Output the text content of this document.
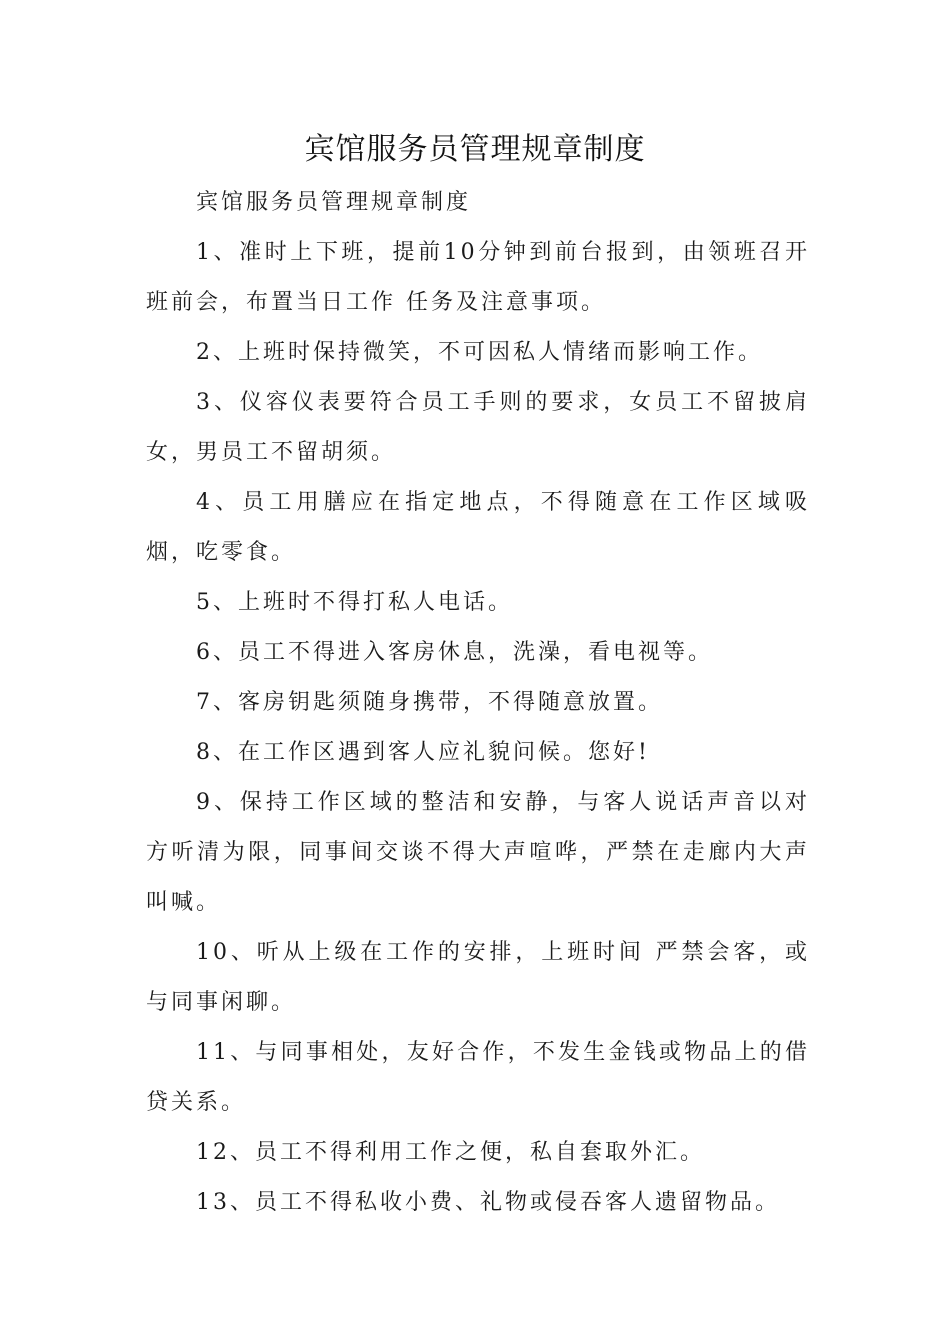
宾馆服务员管理规章制度

宾馆服务员管理规章制度

1、准时上下班，提前10分钟到前台报到，由领班召开班前会，布置当日工作 任务及注意事项。

2、上班时保持微笑，不可因私人情绪而影响工作。

3、仪容仪表要符合员工手则的要求，女员工不留披肩女，男员工不留胡须。

4、员工用膳应在指定地点，不得随意在工作区域吸烟，吃零食。

5、上班时不得打私人电话。

6、员工不得进入客房休息，洗澡，看电视等。

7、客房钥匙须随身携带，不得随意放置。

8、在工作区遇到客人应礼貌问候。您好!

9、保持工作区域的整洁和安静，与客人说话声音以对方听清为限，同事间交谈不得大声喧哗，严禁在走廊内大声叫喊。

10、听从上级在工作的安排，上班时间 严禁会客，或与同事闲聊。

11、与同事相处，友好合作，不发生金钱或物品上的借贷关系。

12、员工不得利用工作之便，私自套取外汇。

13、员工不得私收小费、礼物或侵吞客人遗留物品。
